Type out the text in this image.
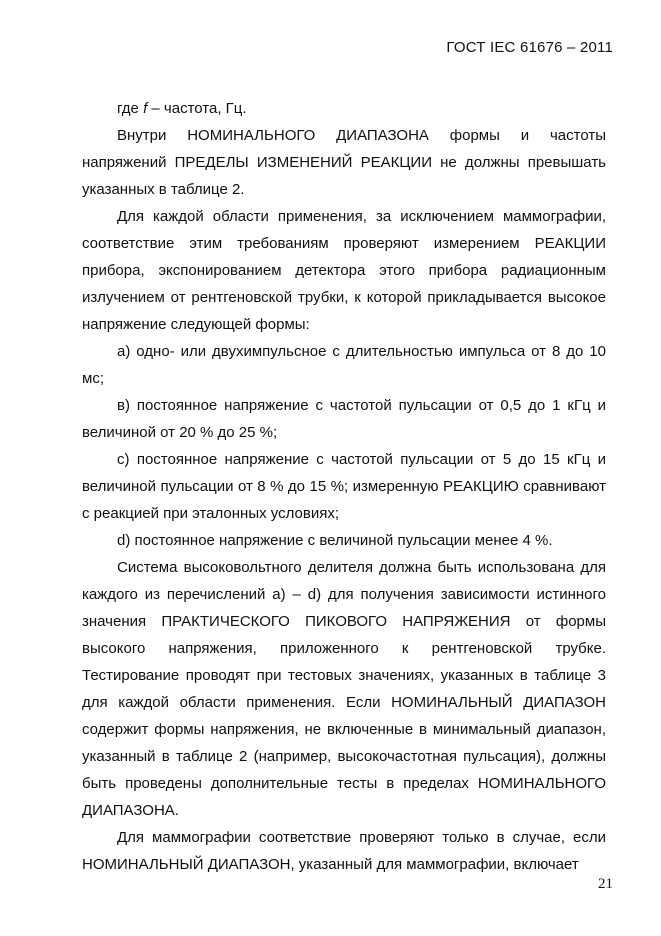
ГОСТ IEC 61676 – 2011

где f – частота, Гц.

Внутри НОМИНАЛЬНОГО ДИАПАЗОНА формы и частоты напряжений ПРЕДЕЛЫ ИЗМЕНЕНИЙ РЕАКЦИИ не должны превышать указанных в таблице 2.

Для каждой области применения, за исключением маммографии, соответствие этим требованиям проверяют измерением РЕАКЦИИ прибора, экспонированием детектора этого прибора радиационным излучением от рентгеновской трубки, к которой прикладывается высокое напряжение следующей формы:

a) одно- или двухимпульсное с длительностью импульса от 8 до 10 мс;

в) постоянное напряжение с частотой пульсации от 0,5 до 1 кГц и величиной от 20 % до 25 %;

с) постоянное напряжение с частотой пульсации от 5 до 15 кГц и величиной пульсации от 8 % до 15 %; измеренную РЕАКЦИЮ сравнивают с реакцией при эталонных условиях;

d) постоянное напряжение с величиной пульсации менее 4 %.

Система высоковольтного делителя должна быть использована для каждого из перечислений a) – d) для получения зависимости истинного значения ПРАКТИЧЕСКОГО ПИКОВОГО НАПРЯЖЕНИЯ от формы высокого напряжения, приложенного к рентгеновской трубке. Тестирование проводят при тестовых значениях, указанных в таблице 3 для каждой области применения. Если НОМИНАЛЬНЫЙ ДИАПАЗОН содержит формы напряжения, не включенные в минимальный диапазон, указанный в таблице 2 (например, высокочастотная пульсация), должны быть проведены дополнительные тесты в пределах НОМИНАЛЬНОГО ДИАПАЗОНА.

Для маммографии соответствие проверяют только в случае, если НОМИНАЛЬНЫЙ ДИАПАЗОН, указанный для маммографии, включает

21
